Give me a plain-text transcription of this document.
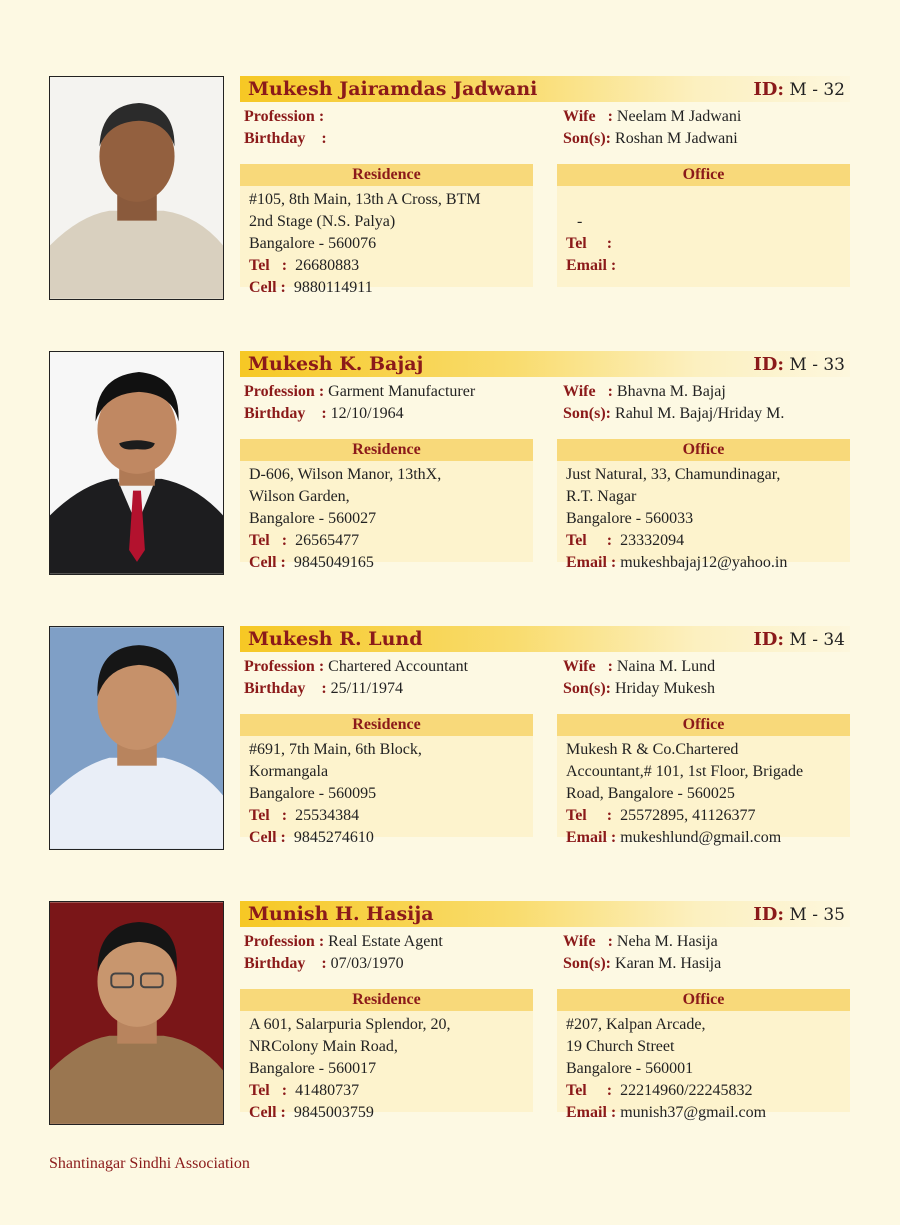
Mukesh Jairamdas Jadwani	ID: M - 32
Profession :
Birthday :
Wife : Neelam M Jadwani
Son(s): Roshan M Jadwani
Residence
#105, 8th Main, 13th A Cross, BTM
2nd Stage (N.S. Palya)
Bangalore - 560076
Tel : 26680883
Cell : 9880114911
Office
-
Tel :
Email :
Mukesh K. Bajaj	ID: M - 33
Profession : Garment Manufacturer
Birthday : 12/10/1964
Wife : Bhavna M. Bajaj
Son(s): Rahul M. Bajaj/Hriday M.
Residence
D-606, Wilson Manor, 13thX,
Wilson Garden,
Bangalore - 560027
Tel : 26565477
Cell : 9845049165
Office
Just Natural, 33, Chamundinagar,
R.T. Nagar
Bangalore - 560033
Tel : 23332094
Email : mukeshbajaj12@yahoo.in
Mukesh R. Lund	ID: M - 34
Profession : Chartered Accountant
Birthday : 25/11/1974
Wife : Naina M. Lund
Son(s): Hriday Mukesh
Residence
#691, 7th Main, 6th Block,
Kormangala
Bangalore - 560095
Tel : 25534384
Cell : 9845274610
Office
Mukesh R & Co.Chartered
Accountant,# 101, 1st Floor, Brigade
Road, Bangalore - 560025
Tel : 25572895, 41126377
Email : mukeshlund@gmail.com
Munish H. Hasija	ID: M - 35
Profession : Real Estate Agent
Birthday : 07/03/1970
Wife : Neha M. Hasija
Son(s): Karan M. Hasija
Residence
A 601, Salarpuria Splendor, 20,
NRColony Main Road,
Bangalore - 560017
Tel : 41480737
Cell : 9845003759
Office
#207, Kalpan Arcade,
19 Church Street
Bangalore - 560001
Tel : 22214960/22245832
Email : munish37@gmail.com
Shantinagar Sindhi Association
